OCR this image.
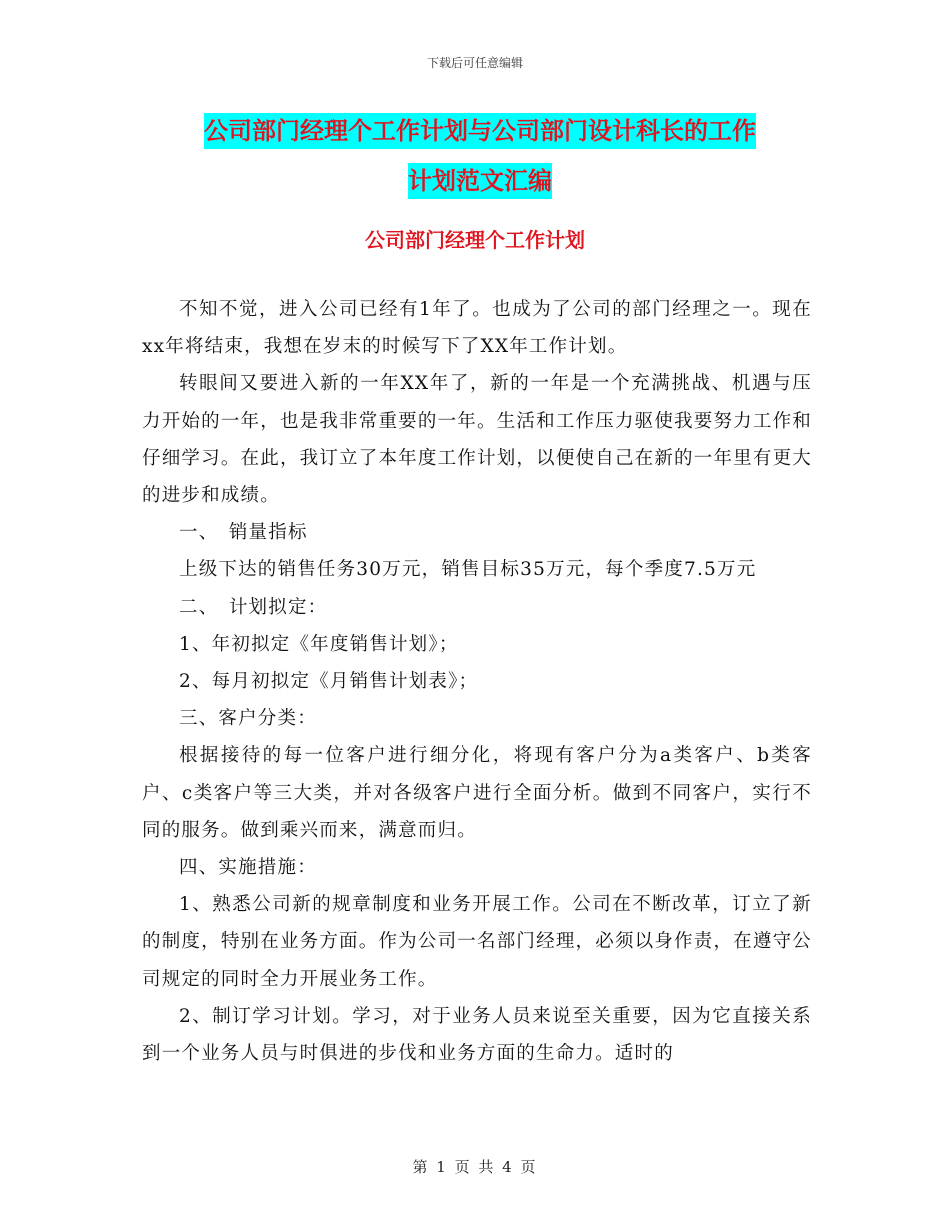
下载后可任意编辑
公司部门经理个工作计划与公司部门设计科长的工作
计划范文汇编
公司部门经理个工作计划

不知不觉，进入公司已经有1年了。也成为了公司的部门经理之一。现在xx年将结束，我想在岁末的时候写下了XX年工作计划。

转眼间又要进入新的一年XX年了，新的一年是一个充满挑战、机遇与压力开始的一年，也是我非常重要的一年。生活和工作压力驱使我要努力工作和仔细学习。在此，我订立了本年度工作计划，以便使自己在新的一年里有更大的进步和成绩。

一、　销量指标

上级下达的销售任务30万元，销售目标35万元，每个季度7.5万元

二、　计划拟定：

1、年初拟定《年度销售计划》；

2、每月初拟定《月销售计划表》；

三、客户分类：

根据接待的每一位客户进行细分化，将现有客户分为a类客户、b类客户、c类客户等三大类，并对各级客户进行全面分析。做到不同客户，实行不同的服务。做到乘兴而来，满意而归。

四、实施措施：

1、熟悉公司新的规章制度和业务开展工作。公司在不断改革，订立了新的制度，特别在业务方面。作为公司一名部门经理，必须以身作责，在遵守公司规定的同时全力开展业务工作。

2、制订学习计划。学习，对于业务人员来说至关重要，因为它直接关系到一个业务人员与时俱进的步伐和业务方面的生命力。适时的

第 1 页 共 4 页
